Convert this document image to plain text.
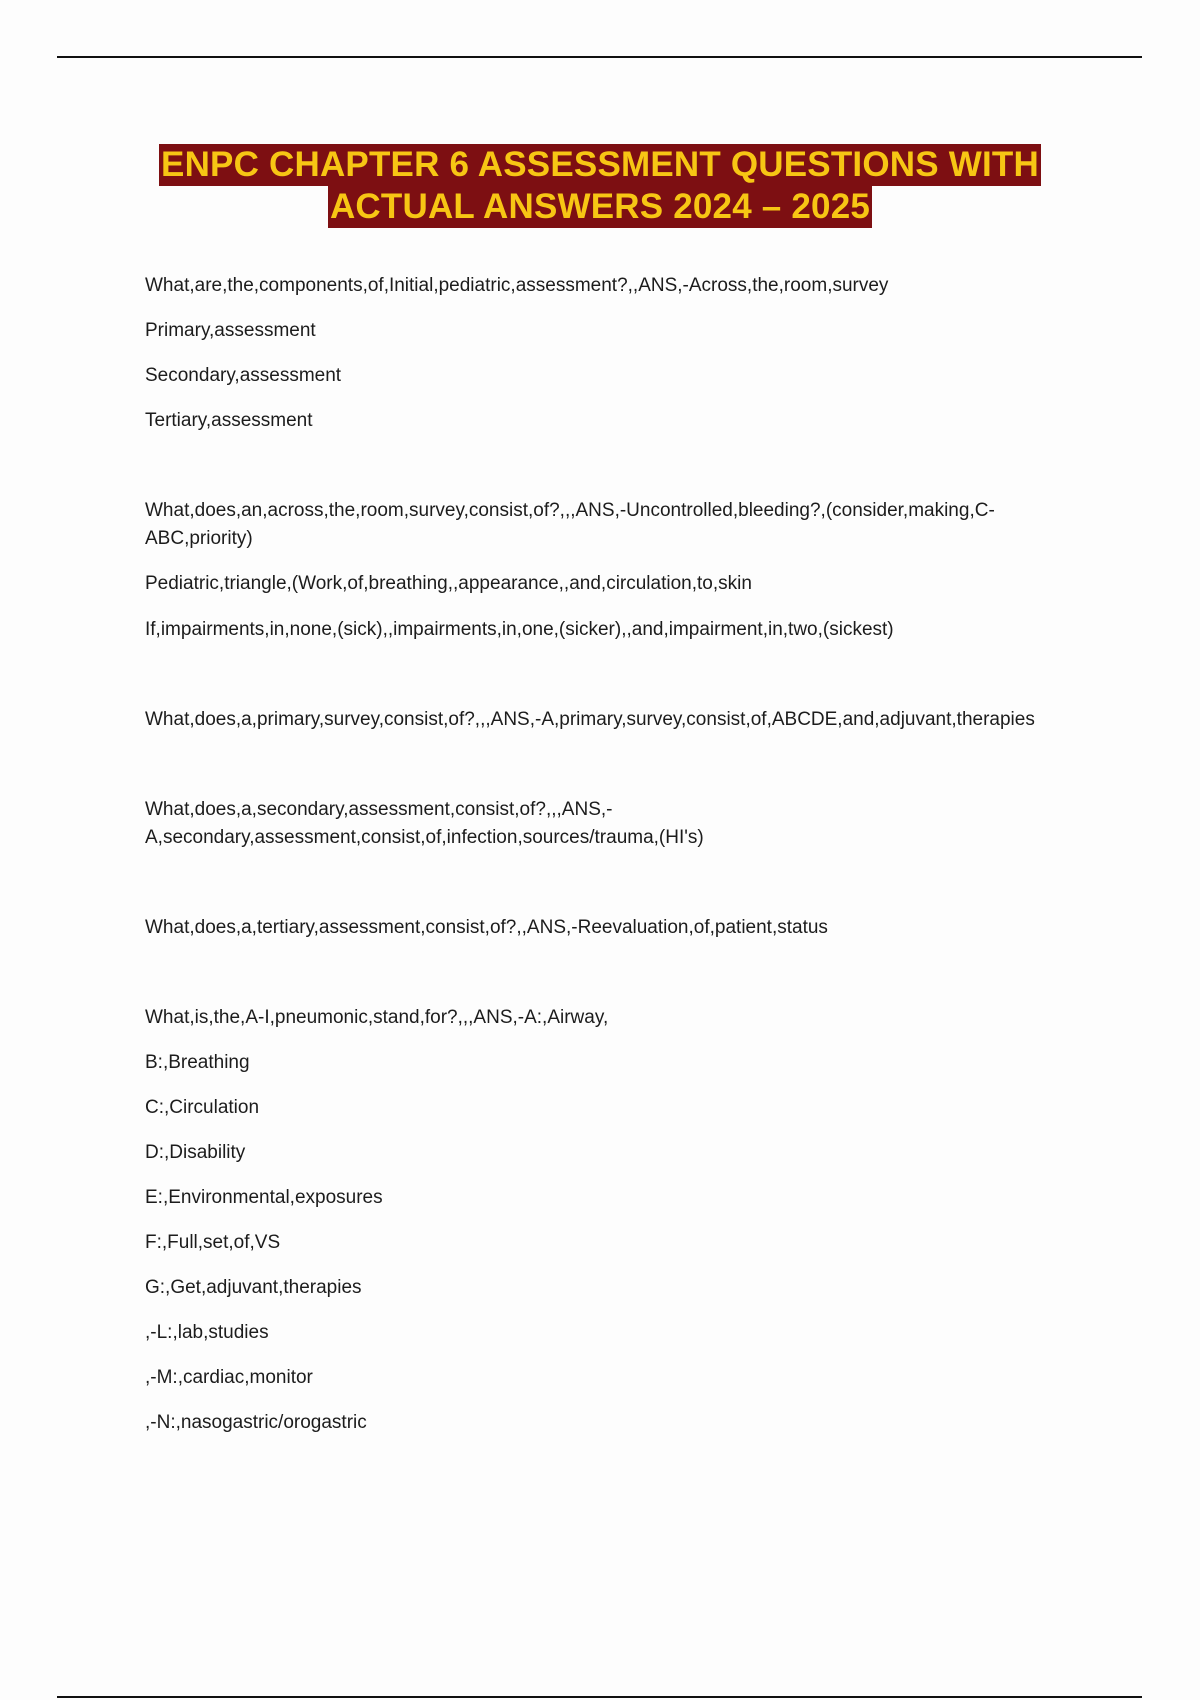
ENPC CHAPTER 6 ASSESSMENT QUESTIONS WITH
ACTUAL ANSWERS 2024 – 2025

What,are,the,components,of,Initial,pediatric,assessment?,,ANS,-Across,the,room,survey

Primary,assessment

Secondary,assessment

Tertiary,assessment

What,does,an,across,the,room,survey,consist,of?,,,ANS,-Uncontrolled,bleeding?,(consider,making,C-

ABC,priority)

Pediatric,triangle,(Work,of,breathing,,appearance,,and,circulation,to,skin

If,impairments,in,none,(sick),,impairments,in,one,(sicker),,and,impairment,in,two,(sickest)

What,does,a,primary,survey,consist,of?,,,ANS,-A,primary,survey,consist,of,ABCDE,and,adjuvant,therapies

What,does,a,secondary,assessment,consist,of?,,,ANS,-

A,secondary,assessment,consist,of,infection,sources/trauma,(HI's)

What,does,a,tertiary,assessment,consist,of?,,ANS,-Reevaluation,of,patient,status

What,is,the,A-I,pneumonic,stand,for?,,,ANS,-A:,Airway,

B:,Breathing

C:,Circulation

D:,Disability

E:,Environmental,exposures

F:,Full,set,of,VS

G:,Get,adjuvant,therapies

,-L:,lab,studies

,-M:,cardiac,monitor

,-N:,nasogastric/orogastric
